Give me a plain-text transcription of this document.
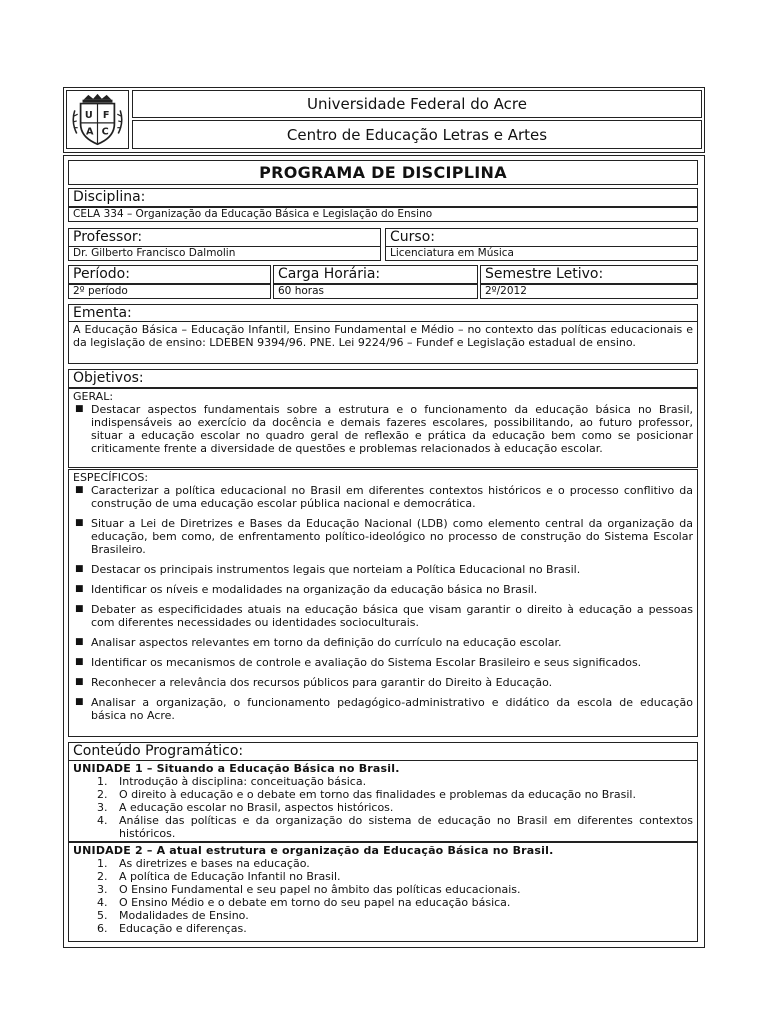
U F
A C
Universidade Federal do Acre
Centro de Educação Letras e Artes
PROGRAMA DE DISCIPLINA
Disciplina:
CELA 334 – Organização da Educação Básica e Legislação do Ensino
Professor:
Dr. Gilberto Francisco Dalmolin
Curso:
Licenciatura em Música
Período:
2º período
Carga Horária:
60 horas
Semestre Letivo:
2º/2012
Ementa:
A Educação Básica – Educação Infantil, Ensino Fundamental e Médio – no contexto das políticas educacionais e da legislação de ensino: LDEBEN 9394/96. PNE. Lei 9224/96 – Fundef e Legislação estadual de ensino.
Objetivos:
GERAL:
■ Destacar aspectos fundamentais sobre a estrutura e o funcionamento da educação básica no Brasil, indispensáveis ao exercício da docência e demais fazeres escolares, possibilitando, ao futuro professor, situar a educação escolar no quadro geral de reflexão e prática da educação bem como se posicionar criticamente frente a diversidade de questões e problemas relacionados à educação escolar.
ESPECÍFICOS:
■ Caracterizar a política educacional no Brasil em diferentes contextos históricos e o processo conflitivo da construção de uma educação escolar pública nacional e democrática.
■ Situar a Lei de Diretrizes e Bases da Educação Nacional (LDB) como elemento central da organização da educação, bem como, de enfrentamento político-ideológico no processo de construção do Sistema Escolar Brasileiro.
■ Destacar os principais instrumentos legais que norteiam a Política Educacional no Brasil.
■ Identificar os níveis e modalidades na organização da educação básica no Brasil.
■ Debater as especificidades atuais na educação básica que visam garantir o direito à educação a pessoas com diferentes necessidades ou identidades socioculturais.
■ Analisar aspectos relevantes em torno da definição do currículo na educação escolar.
■ Identificar os mecanismos de controle e avaliação do Sistema Escolar Brasileiro e seus significados.
■ Reconhecer a relevância dos recursos públicos para garantir do Direito à Educação.
■ Analisar a organização, o funcionamento pedagógico-administrativo e didático da escola de educação básica no Acre.
Conteúdo Programático:
UNIDADE 1 – Situando a Educação Básica no Brasil.
1. Introdução à disciplina: conceituação básica.
2. O direito à educação e o debate em torno das finalidades e problemas da educação no Brasil.
3. A educação escolar no Brasil, aspectos históricos.
4. Análise das políticas e da organização do sistema de educação no Brasil em diferentes contextos históricos.
UNIDADE 2 – A atual estrutura e organização da Educação Básica no Brasil.
1. As diretrizes e bases na educação.
2. A política de Educação Infantil no Brasil.
3. O Ensino Fundamental e seu papel no âmbito das políticas educacionais.
4. O Ensino Médio e o debate em torno do seu papel na educação básica.
5. Modalidades de Ensino.
6. Educação e diferenças.
